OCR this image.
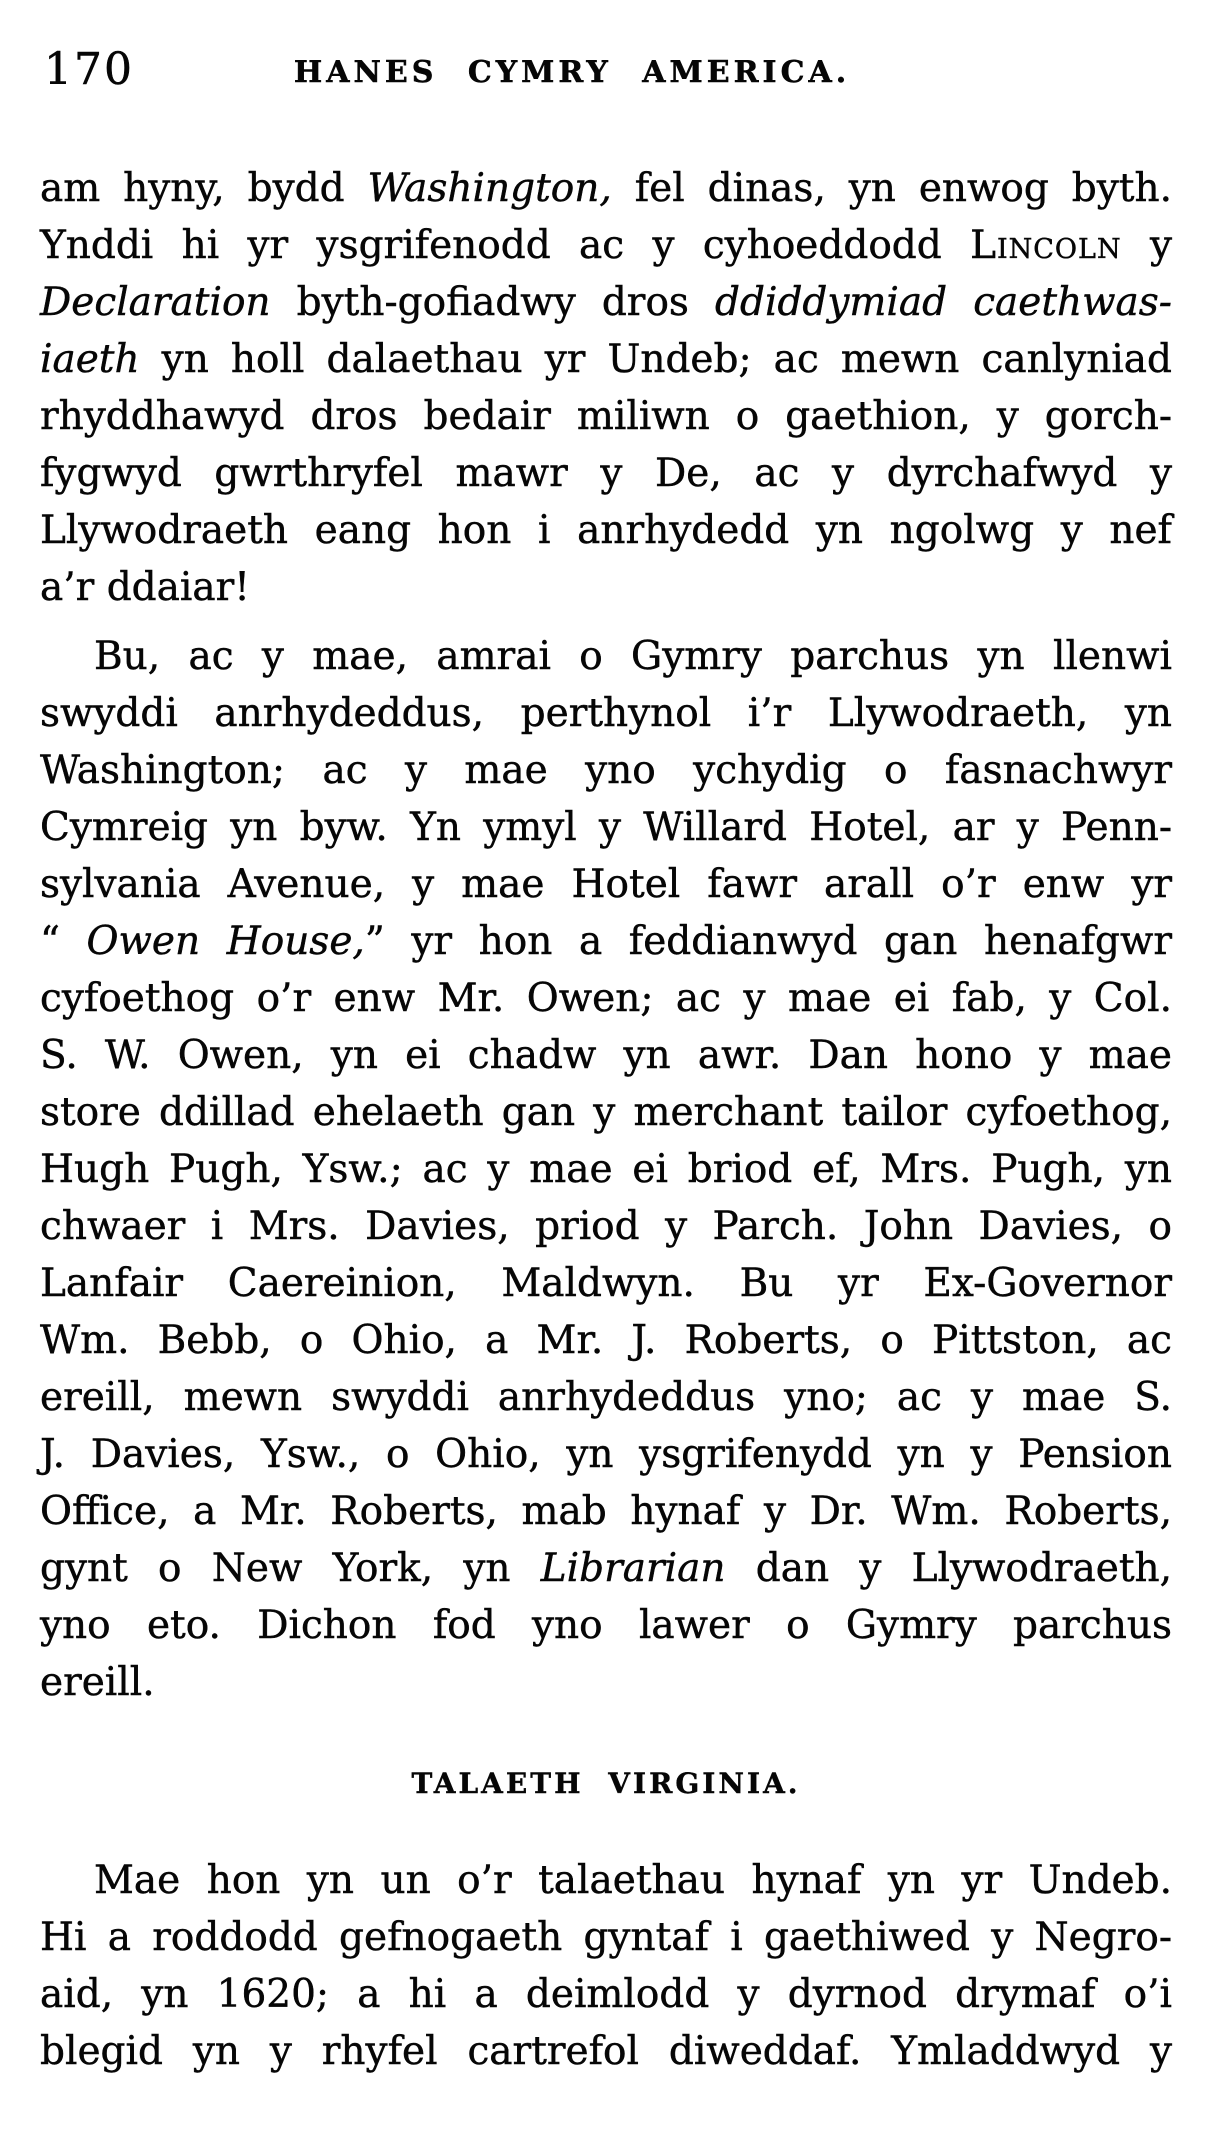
170	HANES CYMRY AMERICA.
am hyny, bydd Washington, fel dinas, yn enwog byth.
Ynddi hi yr ysgrifenodd ac y cyhoeddodd Lincoln y
Declaration byth-gofiadwy dros ddiddymiad caethwas-
iaeth yn holl dalaethau yr Undeb; ac mewn canlyniad
rhyddhawyd dros bedair miliwn o gaethion, y gorch-
fygwyd gwrthryfel mawr y De, ac y dyrchafwyd y
Llywodraeth eang hon i anrhydedd yn ngolwg y nef
a’r ddaiar!
Bu, ac y mae, amrai o Gymry parchus yn llenwi
swyddi anrhydeddus, perthynol i’r Llywodraeth, yn
Washington; ac y mae yno ychydig o fasnachwyr
Cymreig yn byw. Yn ymyl y Willard Hotel, ar y Penn-
sylvania Avenue, y mae Hotel fawr arall o’r enw yr
“ Owen House,” yr hon a feddianwyd gan henafgwr
cyfoethog o’r enw Mr. Owen; ac y mae ei fab, y Col.
S. W. Owen, yn ei chadw yn awr. Dan hono y mae
store ddillad ehelaeth gan y merchant tailor cyfoethog,
Hugh Pugh, Ysw.; ac y mae ei briod ef, Mrs. Pugh, yn
chwaer i Mrs. Davies, priod y Parch. John Davies, o
Lanfair Caereinion, Maldwyn. Bu yr Ex-Governor
Wm. Bebb, o Ohio, a Mr. J. Roberts, o Pittston, ac
ereill, mewn swyddi anrhydeddus yno; ac y mae S.
J. Davies, Ysw., o Ohio, yn ysgrifenydd yn y Pension
Office, a Mr. Roberts, mab hynaf y Dr. Wm. Roberts,
gynt o New York, yn Librarian dan y Llywodraeth,
yno eto. Dichon fod yno lawer o Gymry parchus
ereill.
TALAETH VIRGINIA.
Mae hon yn un o’r talaethau hynaf yn yr Undeb.
Hi a roddodd gefnogaeth gyntaf i gaethiwed y Negro-
aid, yn 1620; a hi a deimlodd y dyrnod drymaf o’i
blegid yn y rhyfel cartrefol diweddaf. Ymladdwyd y
